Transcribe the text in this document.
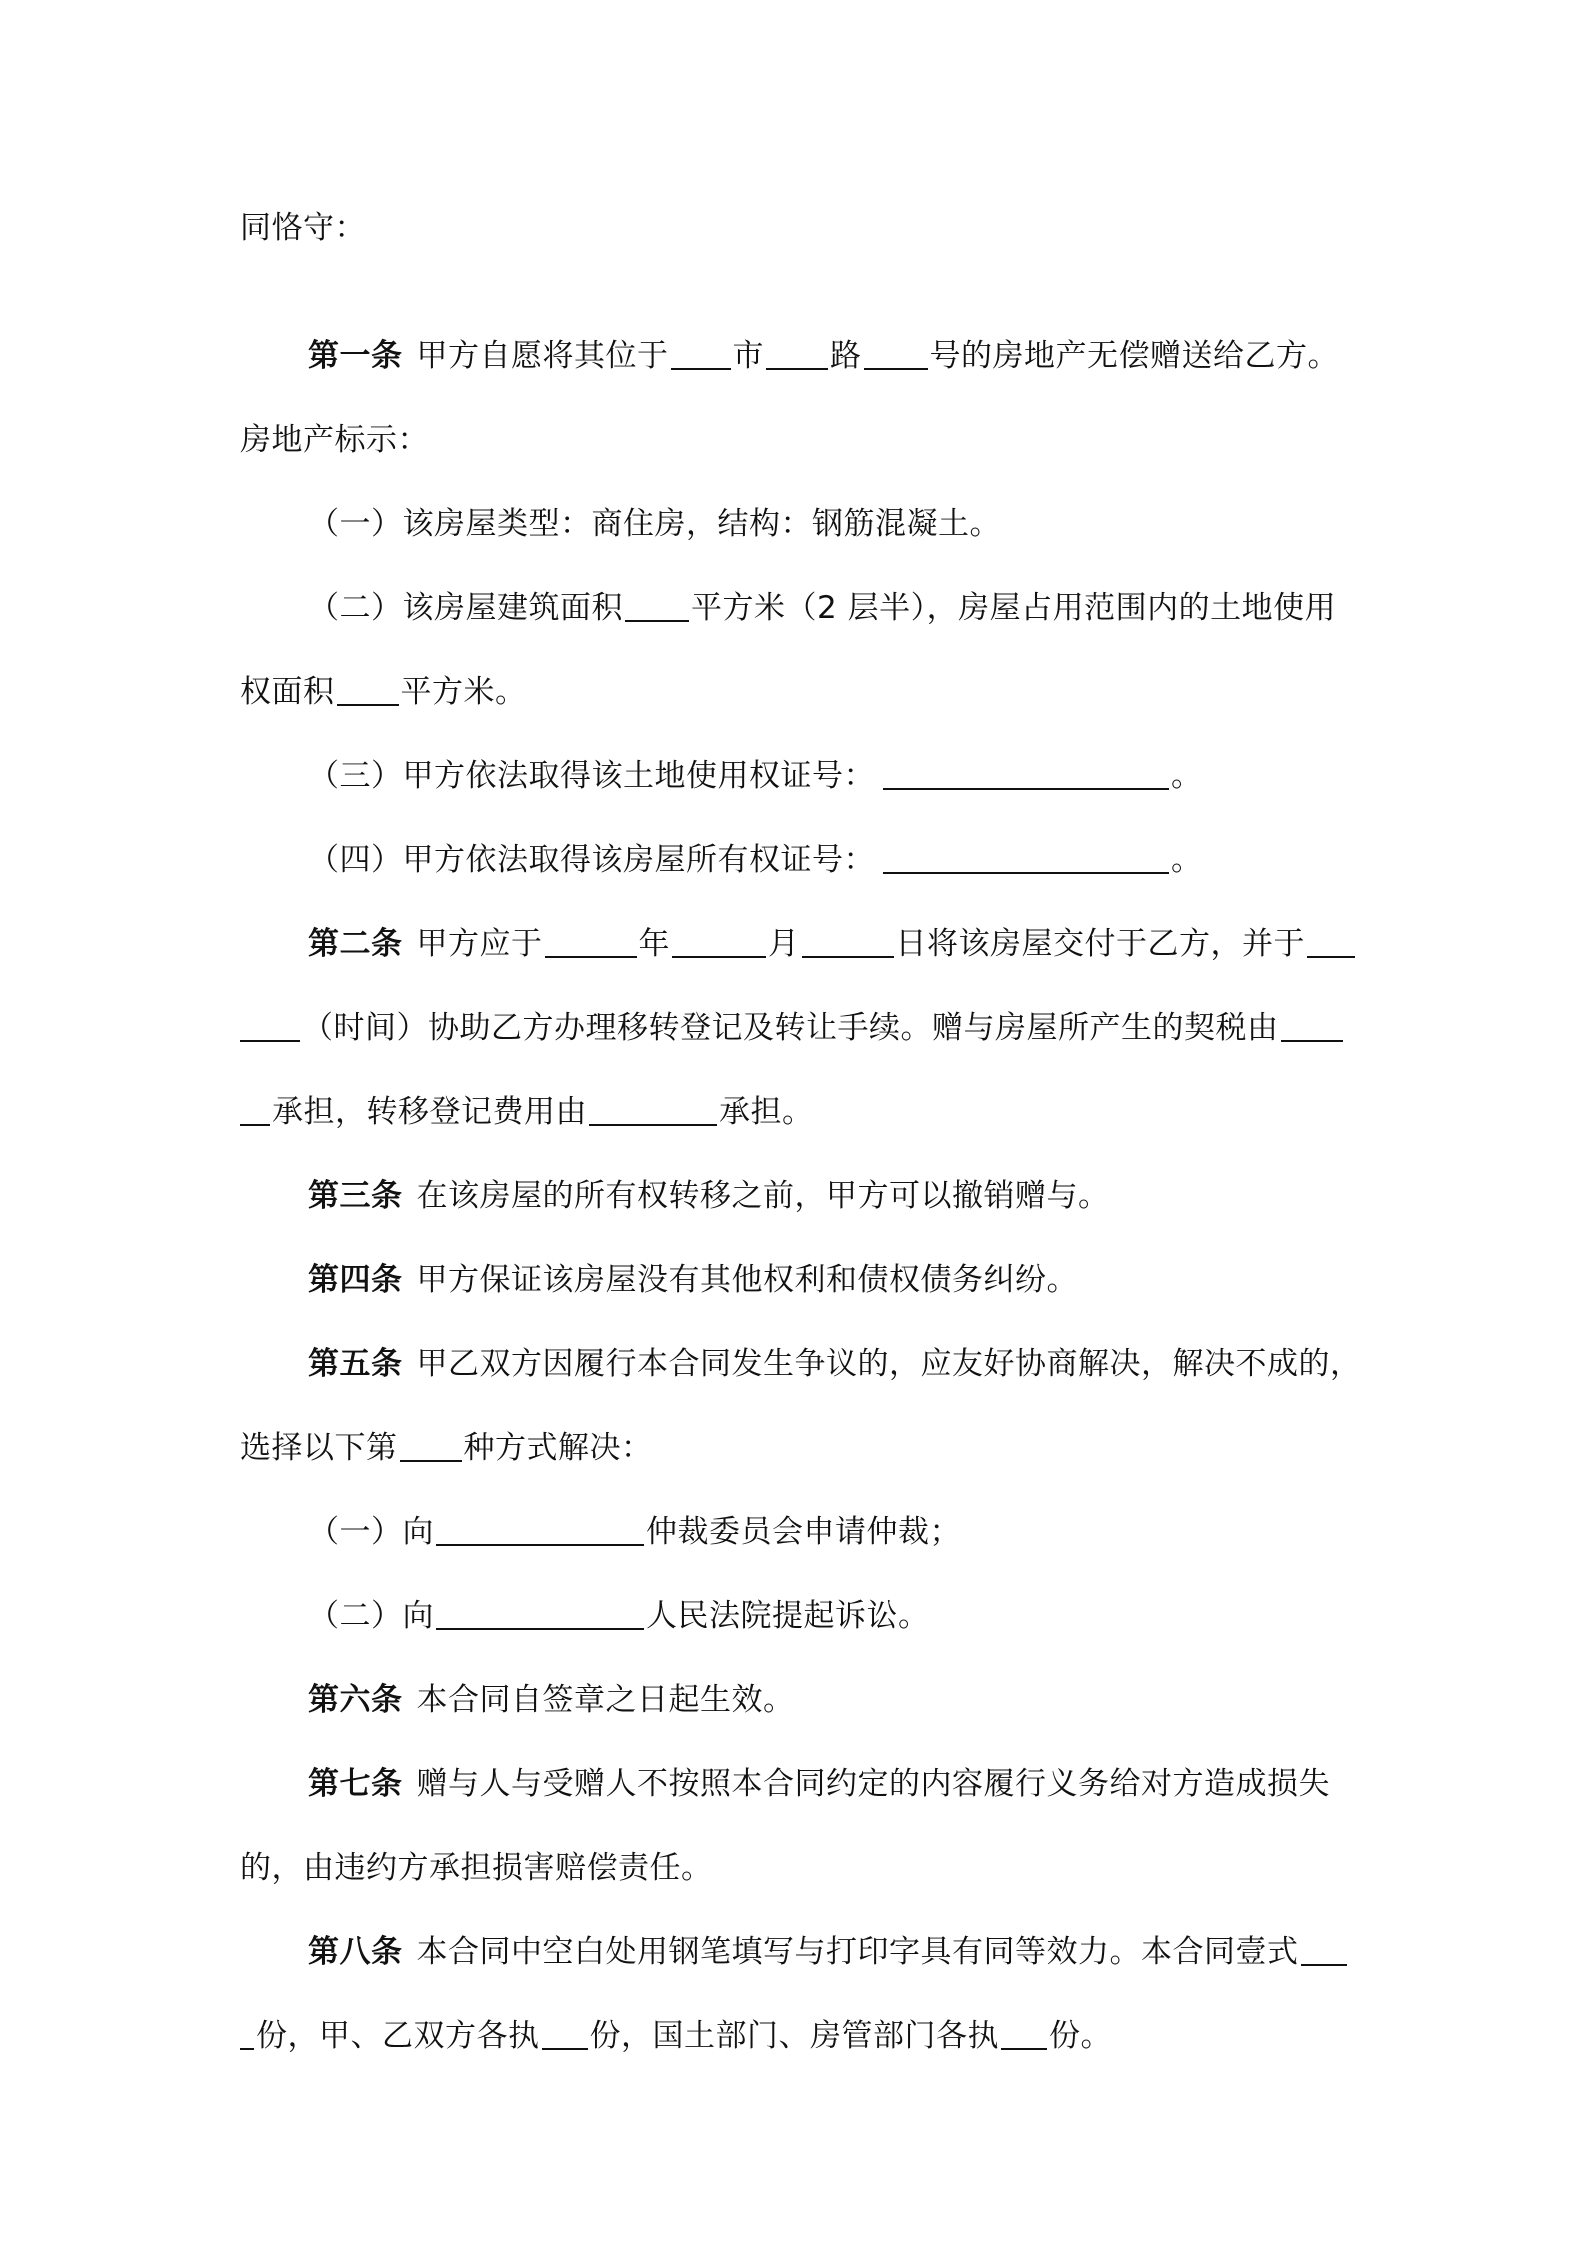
同恪守：
第一条 甲方自愿将其位于 市 路 号的房地产无偿赠送给乙方。
房地产标示：
（一）该房屋类型：商住房，结构：钢筋混凝土。
（二）该房屋建筑面积 平方米（2 层半），房屋占用范围内的土地使用
权面积 平方米。
（三）甲方依法取得该土地使用权证号：	。
（四）甲方依法取得该房屋所有权证号：	。
第二条 甲方应于	年	月	日将该房屋交付于乙方，并于
（时间）协助乙方办理移转登记及转让手续。赠与房屋所产生的契税由
承担，转移登记费用由	承担。
第三条 在该房屋的所有权转移之前，甲方可以撤销赠与。
第四条 甲方保证该房屋没有其他权利和债权债务纠纷。
第五条 甲乙双方因履行本合同发生争议的，应友好协商解决，解决不成的，
选择以下第 种方式解决：
（一）向	仲裁委员会申请仲裁；
（二）向	人民法院提起诉讼。
第六条 本合同自签章之日起生效。
第七条 赠与人与受赠人不按照本合同约定的内容履行义务给对方造成损失
的，由违约方承担损害赔偿责任。
第八条 本合同中空白处用钢笔填写与打印字具有同等效力。本合同壹式
份，甲、乙双方各执 份，国土部门、房管部门各执 份。
